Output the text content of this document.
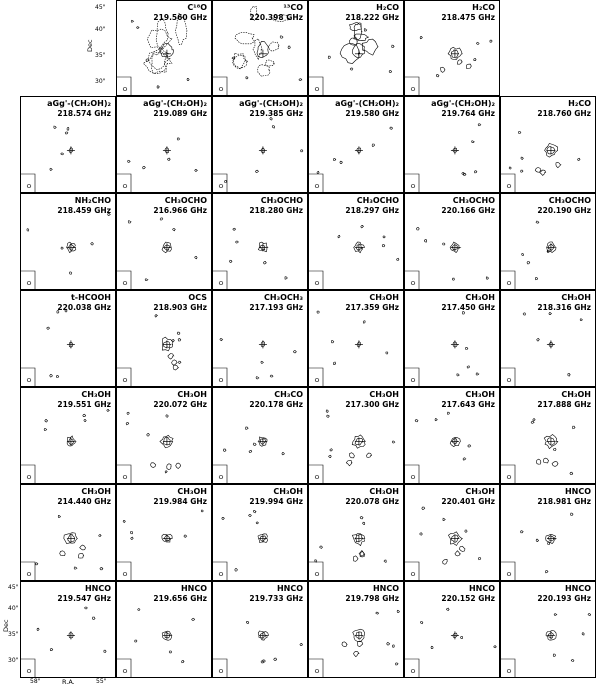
HNCO
220.193 GHz
HNCO
220.152 GHz
HNCO
219.798 GHz
HNCO
219.733 GHz
HNCO
219.656 GHz
HNCO
219.547 GHz
HNCO
218.981 GHz
CH₃OH
220.401 GHz
CH₃OH
220.078 GHz
CH₃OH
219.994 GHz
CH₃OH
219.984 GHz
CH₃OH
214.440 GHz
CH₃OH
217.888 GHz
CH₃OH
217.643 GHz
CH₃OH
217.300 GHz
CH₃CO
220.178 GHz
CH₃OH
220.072 GHz
CH₃OH
219.551 GHz
CH₃OH
218.316 GHz
CH₃OH
217.450 GHz
CH₃OH
217.359 GHz
CH₃OCH₃
217.193 GHz
OCS
218.903 GHz
t-HCOOH
220.038 GHz
CH₃OCHO
220.190 GHz
CH₃OCHO
220.166 GHz
CH₃OCHO
218.297 GHz
CH₃OCHO
218.280 GHz
CH₃OCHO
216.966 GHz
NH₂CHO
218.459 GHz
H₂CO
218.760 GHz
aGg'-(CH₂OH)₂
219.764 GHz
aGg'-(CH₂OH)₂
219.580 GHz
aGg'-(CH₂OH)₂
219.385 GHz
aGg'-(CH₂OH)₂
219.089 GHz
aGg'-(CH₂OH)₂
218.574 GHz
H₂CO
218.475 GHz
H₂CO
218.222 GHz
¹³CO
220.398 GHz
C¹⁸O
219.560 GHz
Dec
Dec
45"
40"
35"
30"
45"
40"
35"
30"
58"	R.A.	55"
